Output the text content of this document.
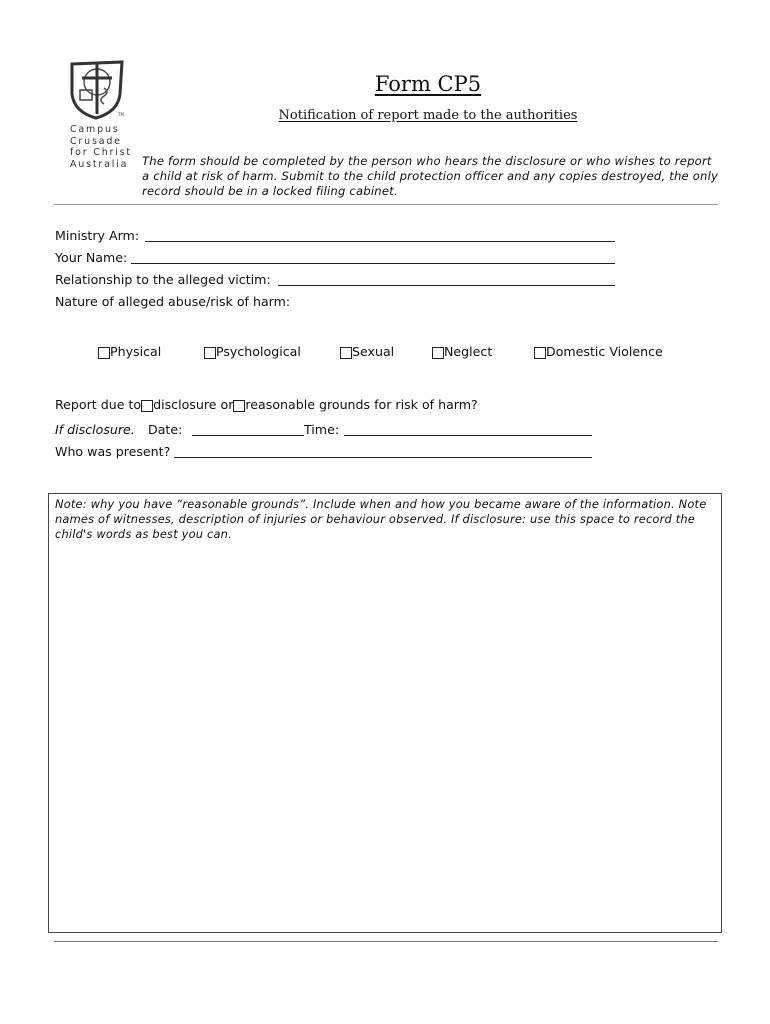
TM
Campus
Crusade
for Christ
Australia
Form CP5
Notification of report made to the authorities
The form should be completed by the person who hears the disclosure or who wishes to report a child at risk of harm. Submit to the child protection officer and any copies destroyed, the only record should be in a locked filing cabinet.
Ministry Arm:
Your Name:
Relationship to the alleged victim:
Nature of alleged abuse/risk of harm:
Physical	Psychological	Sexual	Neglect	Domestic Violence
Report due to disclosure or reasonable grounds for risk of harm?
If disclosure. Date:	Time:
Who was present?
Note: why you have “reasonable grounds”. Include when and how you became aware of the information. Note names of witnesses, description of injuries or behaviour observed. If disclosure: use this space to record the child's words as best you can.
